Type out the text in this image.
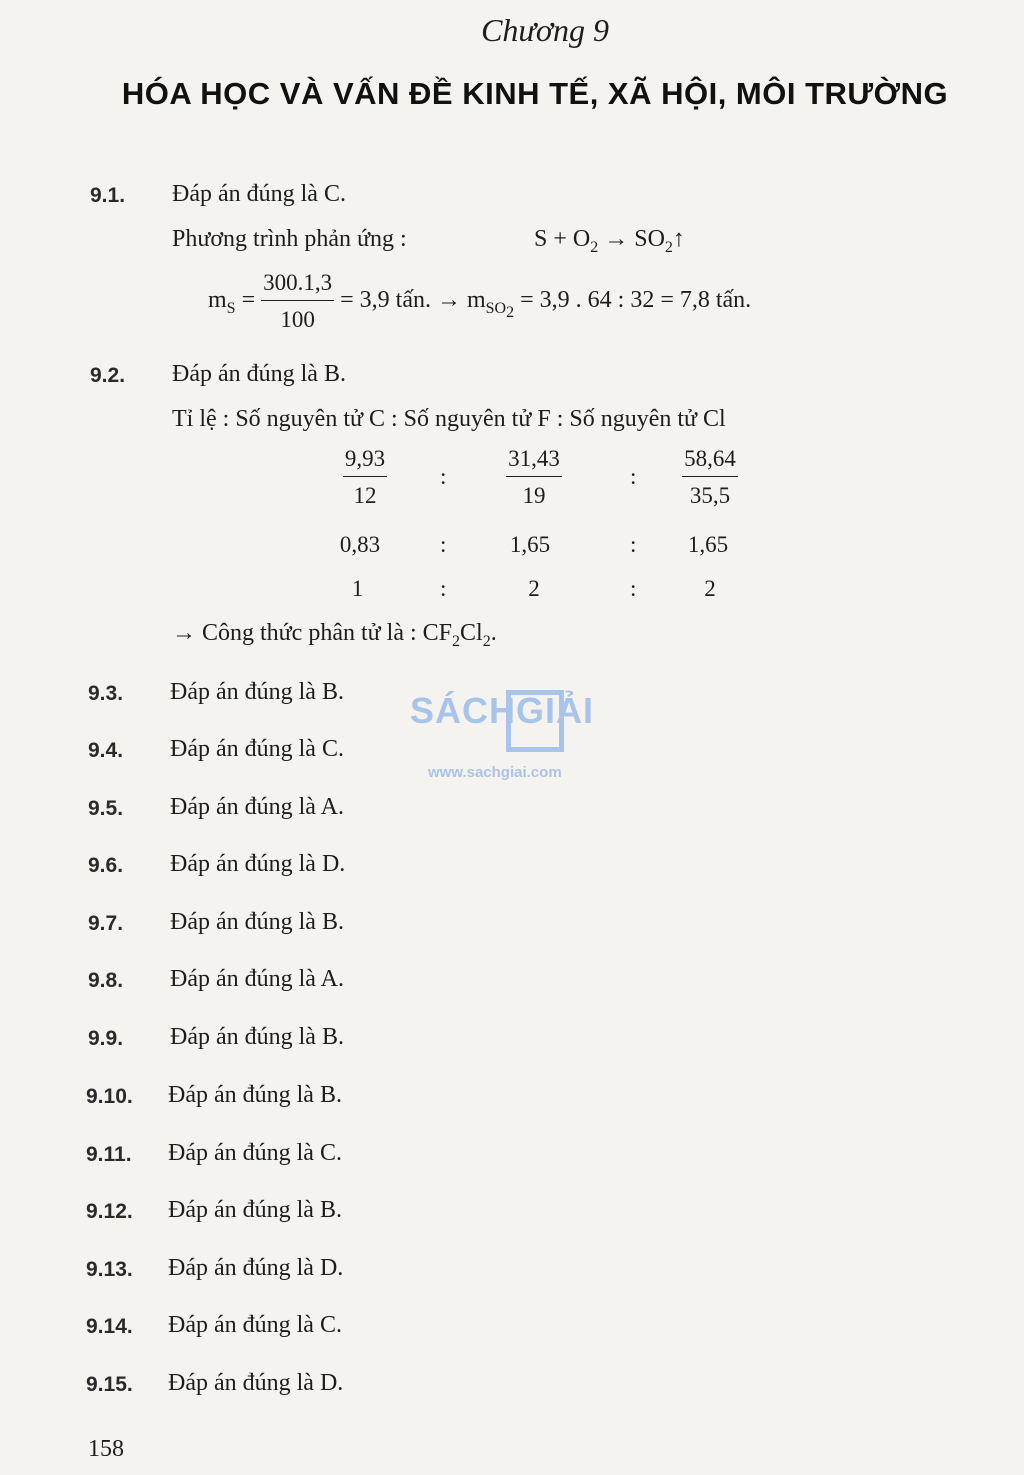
Chương 9
HÓA HỌC VÀ VẤN ĐỀ KINH TẾ, XÃ HỘI, MÔI TRƯỜNG
9.1. Đáp án đúng là C.
Phương trình phản ứng :	$S + O_2$ → $SO_2↑$
$m_S = \frac{300.1,3}{100} = 3,9$ tấn. → $m_{SO_2} = 3,9$ . 64 : 32 = 7,8 tấn.
9.2. Đáp án đúng là B.
Tỉ lệ : Số nguyên tử C : Số nguyên tử F : Số nguyên tử Cl
$\frac{9,93}{12}$ :	$\frac{31,43}{19}$	: $\frac{58,64}{35,5}$
0,83	:	1,65	:	1,65
1	:	2	:	2
→ Công thức phân tử là : $CF_2Cl_2$.
9.3. Đáp án đúng là B.
9.4. Đáp án đúng là C.
9.5. Đáp án đúng là A.
9.6. Đáp án đúng là D.
9.7. Đáp án đúng là B.
9.8. Đáp án đúng là A.
9.9. Đáp án đúng là B.
9.10. Đáp án đúng là B.
9.11. Đáp án đúng là C.
9.12. Đáp án đúng là B.
9.13. Đáp án đúng là D.
9.14. Đáp án đúng là C.
9.15. Đáp án đúng là D.
SÁCHGIẢI
www.sachgiai.com
158
